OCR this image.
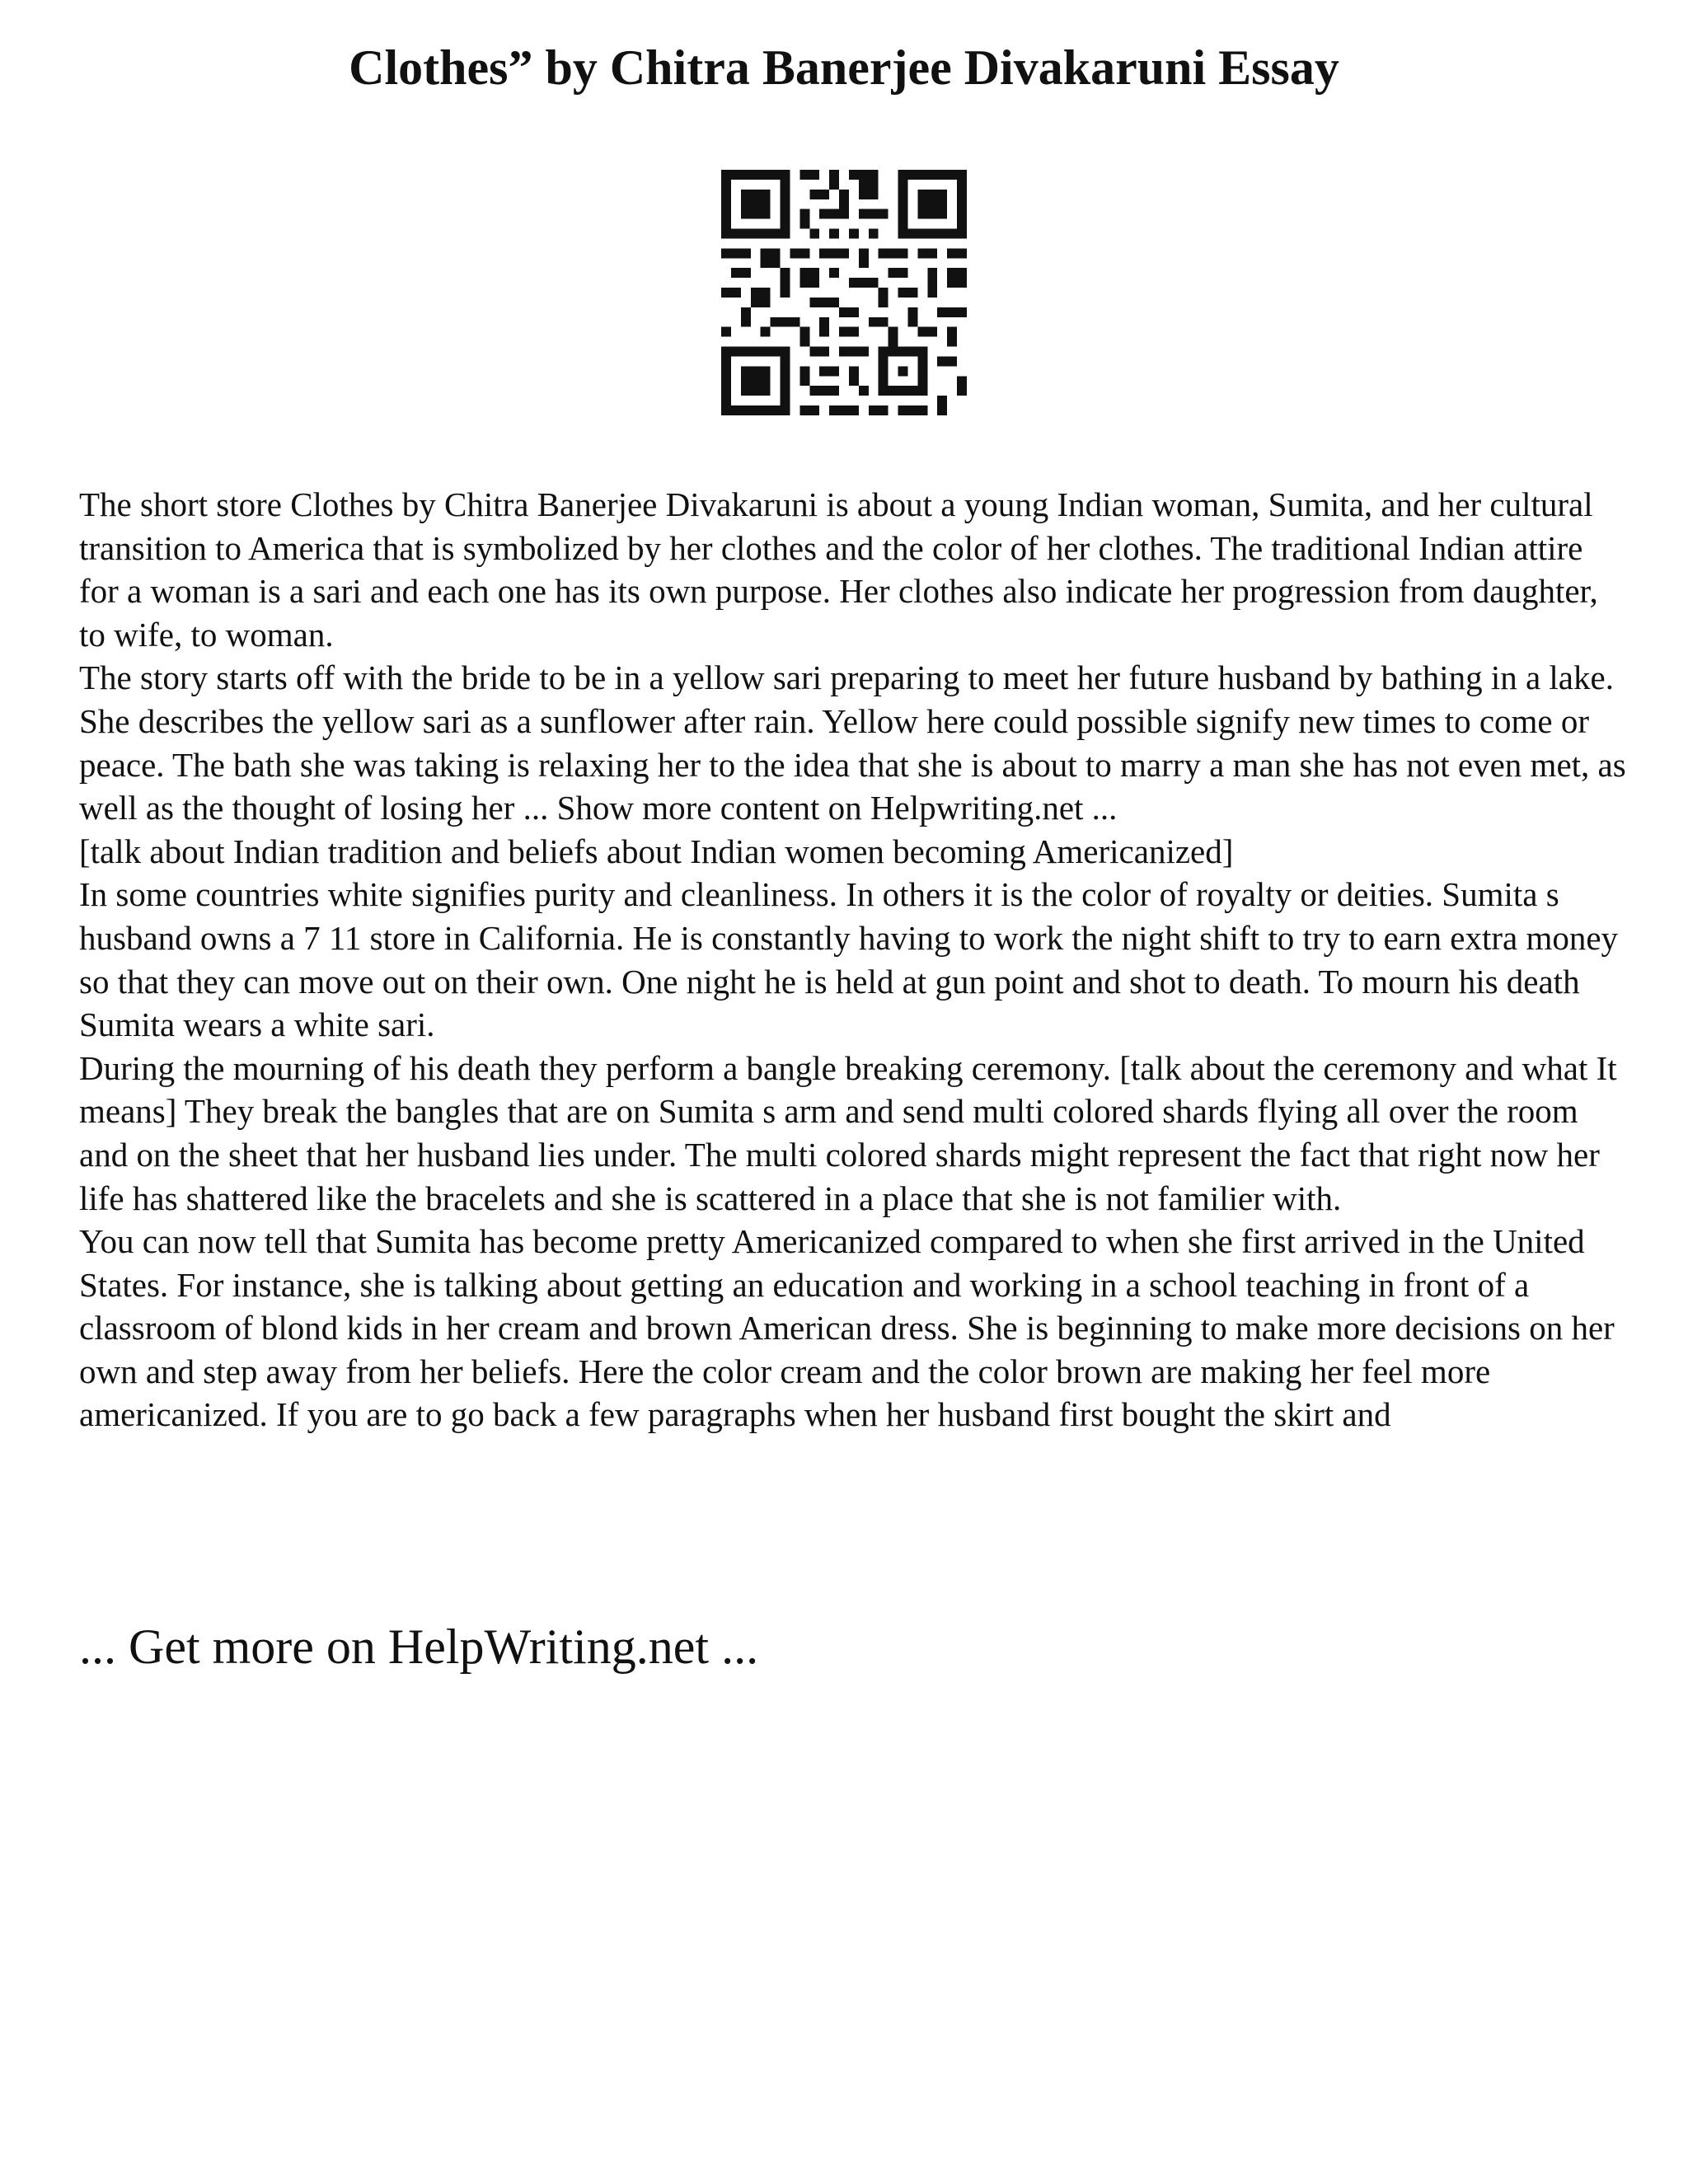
Clothes” by Chitra Banerjee Divakaruni Essay

The short store Clothes by Chitra Banerjee Divakaruni is about a young Indian woman, Sumita, and her cultural transition to America that is symbolized by her clothes and the color of her clothes. The traditional Indian attire for a woman is a sari and each one has its own purpose. Her clothes also indicate her progression from daughter, to wife, to woman.

The story starts off with the bride to be in a yellow sari preparing to meet her future husband by bathing in a lake. She describes the yellow sari as a sunflower after rain. Yellow here could possible signify new times to come or peace. The bath she was taking is relaxing her to the idea that she is about to marry a man she has not even met, as well as the thought of losing her ... Show more content on Helpwriting.net ...

[talk about Indian tradition and beliefs about Indian women becoming Americanized]

In some countries white signifies purity and cleanliness. In others it is the color of royalty or deities. Sumita s husband owns a 7 11 store in California. He is constantly having to work the night shift to try to earn extra money so that they can move out on their own. One night he is held at gun point and shot to death. To mourn his death Sumita wears a white sari.

During the mourning of his death they perform a bangle breaking ceremony. [talk about the ceremony and what It means] They break the bangles that are on Sumita s arm and send multi colored shards flying all over the room and on the sheet that her husband lies under. The multi colored shards might represent the fact that right now her life has shattered like the bracelets and she is scattered in a place that she is not familier with.

You can now tell that Sumita has become pretty Americanized compared to when she first arrived in the United States. For instance, she is talking about getting an education and working in a school teaching in front of a classroom of blond kids in her cream and brown American dress. She is beginning to make more decisions on her own and step away from her beliefs. Here the color cream and the color brown are making her feel more americanized. If you are to go back a few paragraphs when her husband first bought the skirt and

... Get more on HelpWriting.net ...
